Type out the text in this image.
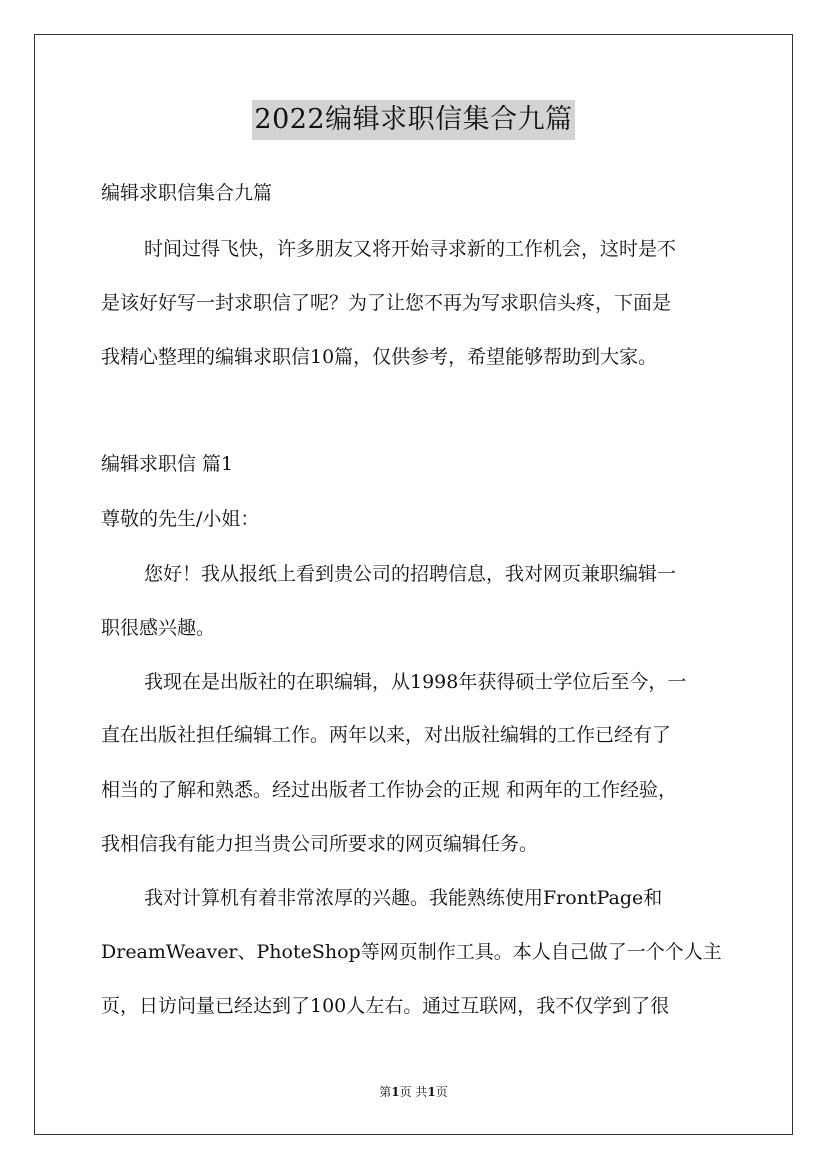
2022编辑求职信集合九篇
编辑求职信集合九篇
时间过得飞快，许多朋友又将开始寻求新的工作机会，这时是不
是该好好写一封求职信了呢？为了让您不再为写求职信头疼，下面是
我精心整理的编辑求职信10篇，仅供参考，希望能够帮助到大家。
编辑求职信 篇1
尊敬的先生/小姐：
您好！我从报纸上看到贵公司的招聘信息，我对网页兼职编辑一
职很感兴趣。
我现在是出版社的在职编辑，从1998年获得硕士学位后至今，一
直在出版社担任编辑工作。两年以来，对出版社编辑的工作已经有了
相当的了解和熟悉。经过出版者工作协会的正规 和两年的工作经验，
我相信我有能力担当贵公司所要求的网页编辑任务。
我对计算机有着非常浓厚的兴趣。我能熟练使用FrontPage和
DreamWeaver、PhoteShop等网页制作工具。本人自己做了一个个人主
页，日访问量已经达到了100人左右。通过互联网，我不仅学到了很
第1页 共1页
